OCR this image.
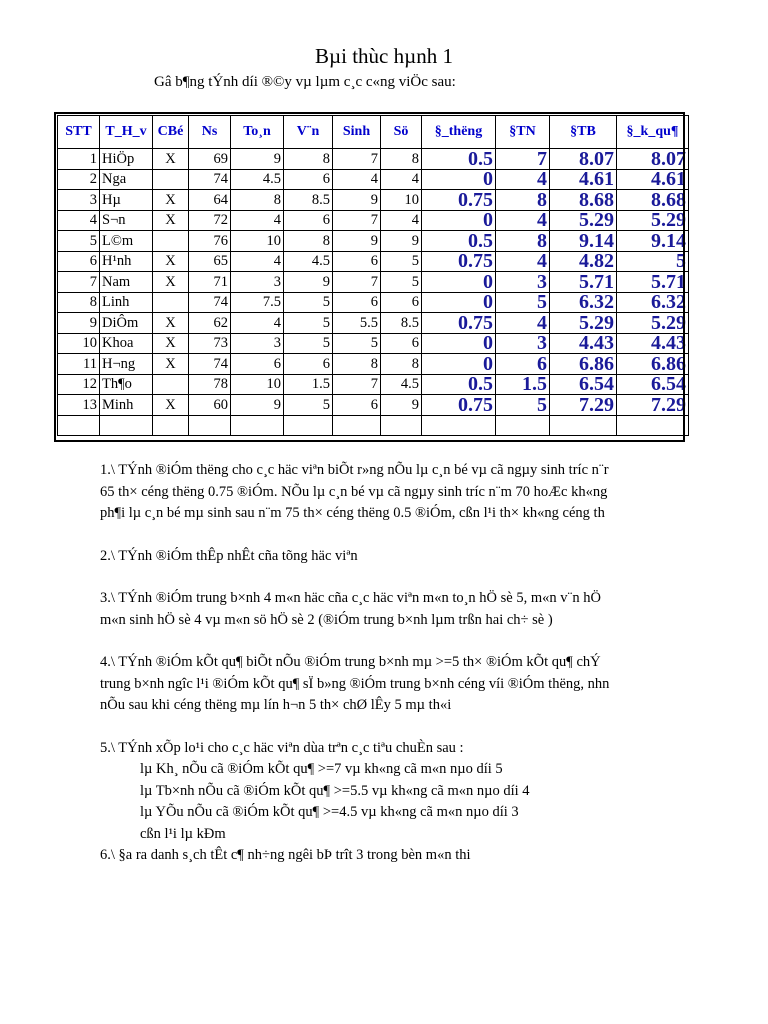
Bµi thùc hµnh 1
Gâ b¶ng tÝnh díi ®©y vµ lµm c¸c c«ng viÖc sau:
STT	T_H_v	CBé	Ns	To¸n	V¨n	Sinh	Sö	§_thëng	§TN	§TB	§_k_qu¶
1	HiÖp	X	69	9	8	7	8	0.5	7	8.07	8.07
2	Nga		74	4.5	6	4	4	0	4	4.61	4.61
3	Hµ	X	64	8	8.5	9	10	0.75	8	8.68	8.68
4	S¬n	X	72	4	6	7	4	0	4	5.29	5.29
5	L©m		76	10	8	9	9	0.5	8	9.14	9.14
6	H¹nh	X	65	4	4.5	6	5	0.75	4	4.82	5
7	Nam	X	71	3	9	7	5	0	3	5.71	5.71
8	Linh		74	7.5	5	6	6	0	5	6.32	6.32
9	DiÔm	X	62	4	5	5.5	8.5	0.75	4	5.29	5.29
10	Khoa	X	73	3	5	5	6	0	3	4.43	4.43
11	H¬ng	X	74	6	6	8	8	0	6	6.86	6.86
12	Th¶o		78	10	1.5	7	4.5	0.5	1.5	6.54	6.54
13	Minh	X	60	9	5	6	9	0.75	5	7.29	7.29

1.\ TÝnh ®iÓm thëng cho c¸c häc viªn biÕt r»ng nÕu lµ c¸n bé vµ cã ngµy sinh tríc n¨r

65 th× céng thëng 0.75 ®iÓm. NÕu lµ c¸n bé vµ cã ngµy sinh tríc n¨m 70 hoÆc kh«ng

ph¶i lµ c¸n bé mµ sinh sau n¨m 75 th× céng thëng 0.5 ®iÓm, cßn l¹i th× kh«ng céng th

2.\ TÝnh ®iÓm thÊp nhÊt cña tõng häc viªn

3.\ TÝnh ®iÓm trung b×nh 4 m«n häc cña c¸c häc viªn m«n to¸n hÖ sè 5, m«n v¨n hÖ

m«n sinh hÖ sè 4 vµ m«n sö hÖ sè 2 (®iÓm trung b×nh lµm trßn hai ch÷ sè )

4.\ TÝnh ®iÓm kÕt qu¶ biÕt nÕu ®iÓm trung b×nh mµ >=5 th× ®iÓm kÕt qu¶ chÝ

trung b×nh ngîc l¹i ®iÓm kÕt qu¶ sÏ b»ng ®iÓm trung b×nh céng víi ®iÓm thëng, nhn

nÕu sau khi céng thëng mµ lín h¬n 5 th× chØ lÊy 5 mµ th«i

5.\ TÝnh xÕp lo¹i cho c¸c häc viªn dùa trªn c¸c tiªu chuÈn sau :

lµ Kh¸ nÕu cã ®iÓm kÕt qu¶ >=7 vµ kh«ng cã m«n nµo díi 5

lµ Tb×nh nÕu cã ®iÓm kÕt qu¶ >=5.5 vµ kh«ng cã m«n nµo díi 4

lµ YÕu nÕu cã ®iÓm kÕt qu¶ >=4.5 vµ kh«ng cã m«n nµo díi 3

cßn l¹i lµ kÐm

6.\ §a ra danh s¸ch tÊt c¶ nh÷ng ngêi bÞ trît 3 trong bèn m«n thi
